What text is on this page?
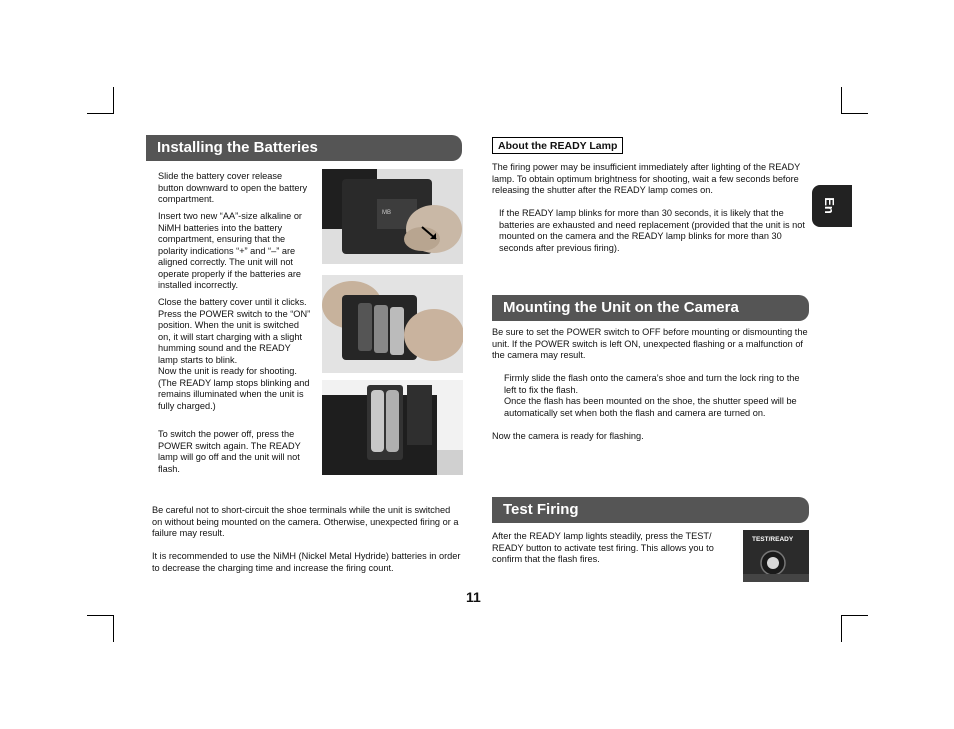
Installing the Batteries

Slide the battery cover release button downward to open the battery compartment.

Insert two new “AA”-size alkaline or NiMH batteries into the battery compartment, ensuring that the polarity indications “+” and “–” are aligned correctly. The unit will not operate properly if the batteries are installed incorrectly.

Close the battery cover until it clicks.
Press the POWER switch to the “ON” position. When the unit is switched on, it will start charging with a slight humming sound and the READY lamp starts to blink.
Now the unit is ready for shooting. (The READY lamp stops blinking and remains illuminated when the unit is fully charged.)

To switch the power off, press the POWER switch again. The READY lamp will go off and the unit will not flash.

MB

Be careful not to short-circuit the shoe terminals while the unit is switched on without being mounted on the camera. Otherwise, unexpected firing or a failure may result.

It is recommended to use the NiMH (Nickel Metal Hydride) batteries in order to decrease the charging time and increase the firing count.

About the READY Lamp

The firing power may be insufficient immediately after lighting of the READY lamp. To obtain optimum brightness for shooting, wait a few seconds before releasing the shutter after the READY lamp comes on.

If the READY lamp blinks for more than 30 seconds, it is likely that the batteries are exhausted and need replacement (provided that the unit is not mounted on the camera and the READY lamp blinks for more than 30 seconds after previous firing).

Mounting the Unit on the Camera

Be sure to set the POWER switch to OFF before mounting or dismounting the unit. If the POWER switch is left ON, unexpected flashing or a malfunction of the camera may result.

Firmly slide the flash onto the camera’s shoe and turn the lock ring to the left to fix the flash.
Once the flash has been mounted on the shoe, the shutter speed will be automatically set when both the flash and camera are turned on.

Now the camera is ready for flashing.

Test Firing

After the READY lamp lights steadily, press the TEST/ READY button to activate test firing. This allows you to confirm that the flash fires.

TEST/READY
En
11
